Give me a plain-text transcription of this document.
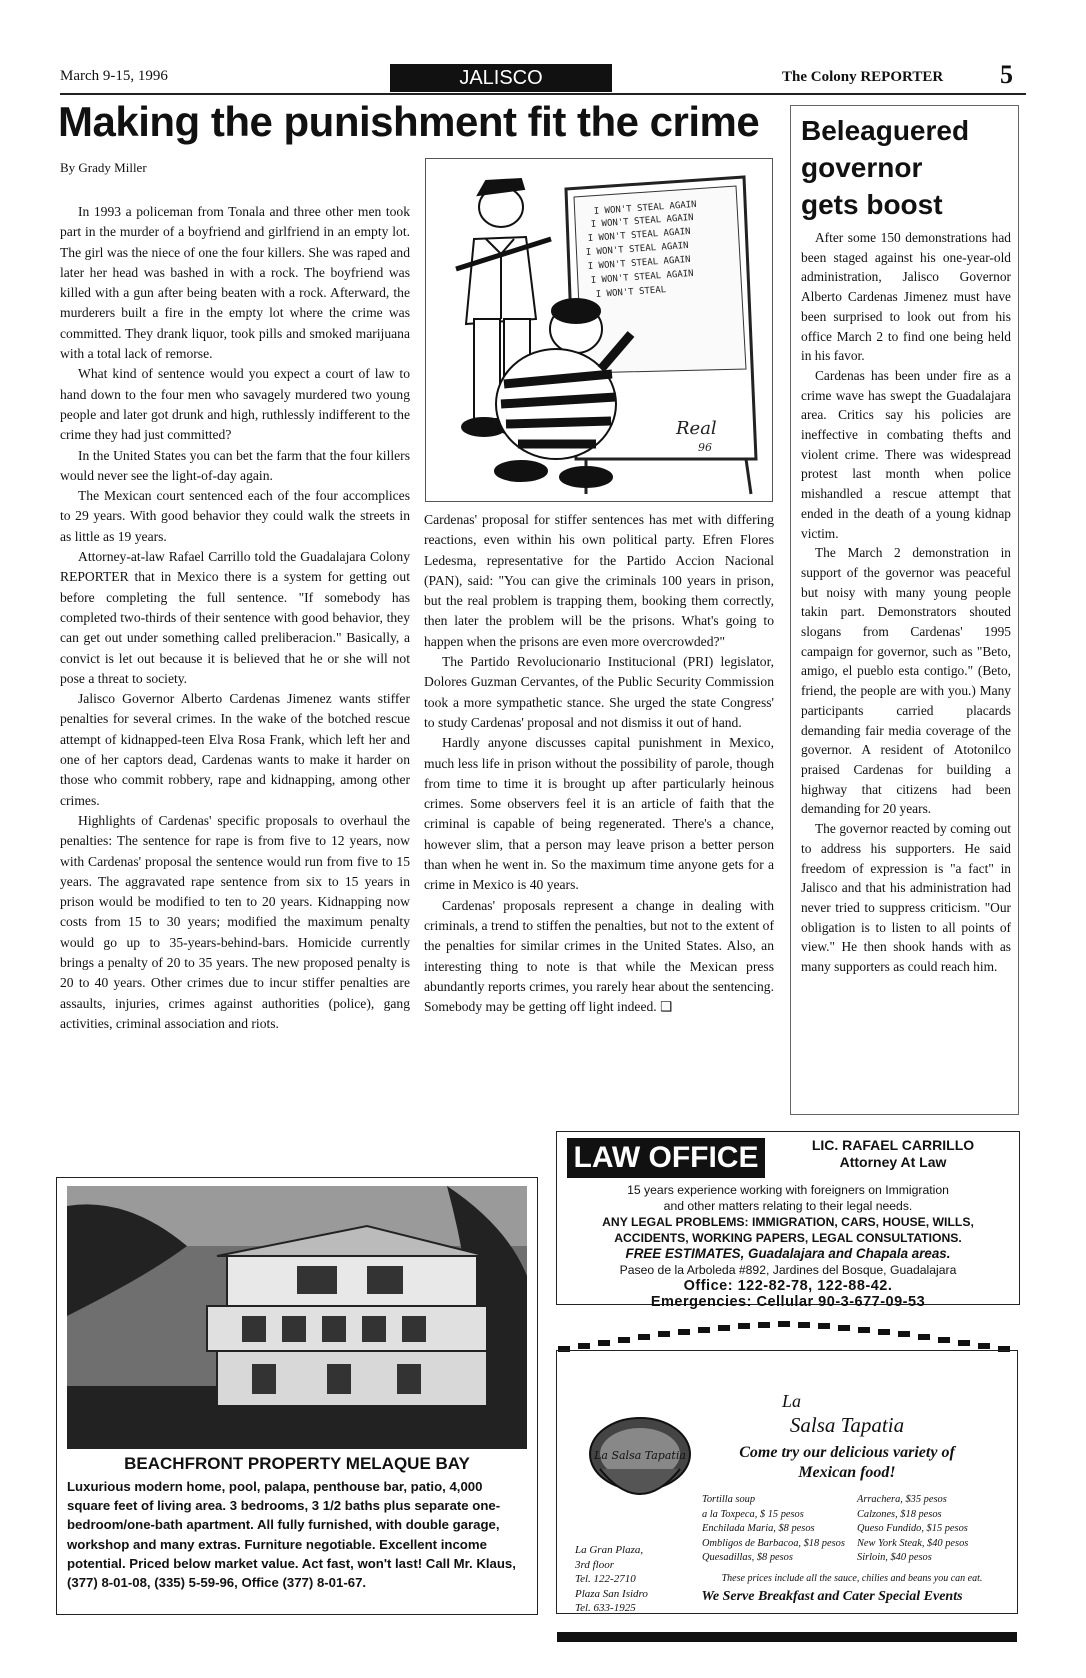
March 9-15, 1996	JALISCO	The Colony REPORTER 5
Making the punishment fit the crime
By Grady Miller

In 1993 a policeman from Tonala and three other men took part in the murder of a boyfriend and girlfriend in an empty lot. The girl was the niece of one the four killers. She was raped and later her head was bashed in with a rock. The boyfriend was killed with a gun after being beaten with a rock. Afterward, the murderers built a fire in the empty lot where the crime was committed. They drank liquor, took pills and smoked marijuana with a total lack of remorse.

What kind of sentence would you expect a court of law to hand down to the four men who savagely murdered two young people and later got drunk and high, ruthlessly indifferent to the crime they had just committed?

In the United States you can bet the farm that the four killers would never see the light-of-day again.

The Mexican court sentenced each of the four accomplices to 29 years. With good behavior they could walk the streets in as little as 19 years.

Attorney-at-law Rafael Carrillo told the Guadalajara Colony REPORTER that in Mexico there is a system for getting out before completing the full sentence. "If somebody has completed two-thirds of their sentence with good behavior, they can get out under something called preliberacion." Basically, a convict is let out because it is believed that he or she will not pose a threat to society.

Jalisco Governor Alberto Cardenas Jimenez wants stiffer penalties for several crimes. In the wake of the botched rescue attempt of kidnapped-teen Elva Rosa Frank, which left her and one of her captors dead, Cardenas wants to make it harder on those who commit robbery, rape and kidnapping, among other crimes.

Highlights of Cardenas' specific proposals to overhaul the penalties: The sentence for rape is from five to 12 years, now with Cardenas' proposal the sentence would run from five to 15 years. The aggravated rape sentence from six to 15 years in prison would be modified to ten to 20 years. Kidnapping now costs from 15 to 30 years; modified the maximum penalty would go up to 35-years-behind-bars. Homicide currently brings a penalty of 20 to 35 years. The new proposed penalty is 20 to 40 years. Other crimes due to incur stiffer penalties are assaults, injuries, crimes against authorities (police), gang activities, criminal association and riots.

I WON'T STEAL AGAIN
I WON'T STEAL AGAIN
I WON'T STEAL AGAIN
I WON'T STEAL AGAIN
I WON'T STEAL AGAIN
I WON'T STEAL AGAIN
I WON'T STEAL
Real
96

Cardenas' proposal for stiffer sentences has met with differing reactions, even within his own political party. Efren Flores Ledesma, representative for the Partido Accion Nacional (PAN), said: "You can give the criminals 100 years in prison, but the real problem is trapping them, booking them correctly, then later the problem will be the prisons. What's going to happen when the prisons are even more overcrowded?"

The Partido Revolucionario Institucional (PRI) legislator, Dolores Guzman Cervantes, of the Public Security Commission took a more sympathetic stance. She urged the state Congress' to study Cardenas' proposal and not dismiss it out of hand.

Hardly anyone discusses capital punishment in Mexico, much less life in prison without the possibility of parole, though from time to time it is brought up after particularly heinous crimes. Some observers feel it is an article of faith that the criminal is capable of being regenerated. There's a chance, however slim, that a person may leave prison a better person than when he went in. So the maximum time anyone gets for a crime in Mexico is 40 years.

Cardenas' proposals represent a change in dealing with criminals, a trend to stiffen the penalties, but not to the extent of the penalties for similar crimes in the United States. Also, an interesting thing to note is that while the Mexican press abundantly reports crimes, you rarely hear about the sentencing. Somebody may be getting off light indeed. ❑

Beleaguered
governor
gets boost

After some 150 demonstrations had been staged against his one-year-old administration, Jalisco Governor Alberto Cardenas Jimenez must have been surprised to look out from his office March 2 to find one being held in his favor.

Cardenas has been under fire as a crime wave has swept the Guadalajara area. Critics say his policies are ineffective in combating thefts and violent crime. There was widespread protest last month when police mishandled a rescue attempt that ended in the death of a young kidnap victim.

The March 2 demonstration in support of the governor was peaceful but noisy with many young people takin part. Demonstrators shouted slogans from Cardenas' 1995 campaign for governor, such as "Beto, amigo, el pueblo esta contigo." (Beto, friend, the people are with you.) Many participants carried placards demanding fair media coverage of the governor. A resident of Atotonilco praised Cardenas for building a highway that citizens had been demanding for 20 years.

The governor reacted by coming out to address his supporters. He said freedom of expression is "a fact" in Jalisco and that his administration had never tried to suppress criticism. "Our obligation is to listen to all points of view." He then shook hands with as many supporters as could reach him.

LAW OFFICE	LIC. RAFAEL CARRILLO
Attorney At Law
15 years experience working with foreigners on Immigration
and other matters relating to their legal needs.
ANY LEGAL PROBLEMS: IMMIGRATION, CARS, HOUSE, WILLS,
ACCIDENTS, WORKING PAPERS, LEGAL CONSULTATIONS.
FREE ESTIMATES, Guadalajara and Chapala areas.
Paseo de la Arboleda #892, Jardines del Bosque, Guadalajara
Office: 122-82-78, 122-88-42.
Emergencies: Cellular 90-3-677-09-53
BEACHFRONT PROPERTY MELAQUE BAY
Luxurious modern home, pool, palapa, penthouse bar, patio, 4,000 square feet of living area. 3 bedrooms, 3 1/2 baths plus separate one-bedroom/one-bath apartment. All fully furnished, with double garage, workshop and many extras. Furniture negotiable. Excellent income potential. Priced below market value. Act fast, won't last! Call Mr. Klaus, (377) 8-01-08, (335) 5-59-96, Office (377) 8-01-67.
La Salsa Tapatia
La
Salsa Tapatia
Come try our delicious variety of
Mexican food!
Tortilla soup
a la Toxpeca, $ 15 pesos
Enchilada Maria, $8 pesos
Ombligos de Barbacoa, $18 pesos
Quesadillas, $8 pesos
Arrachera, $35 pesos
Calzones, $18 pesos
Queso Fundido, $15 pesos
New York Steak, $40 pesos
Sirloin, $40 pesos
La Gran Plaza,
3rd floor
Tel. 122-2710
Plaza San Isidro
Tel. 633-1925
These prices include all the sauce, chilies and beans you can eat.
We Serve Breakfast and Cater Special Events
